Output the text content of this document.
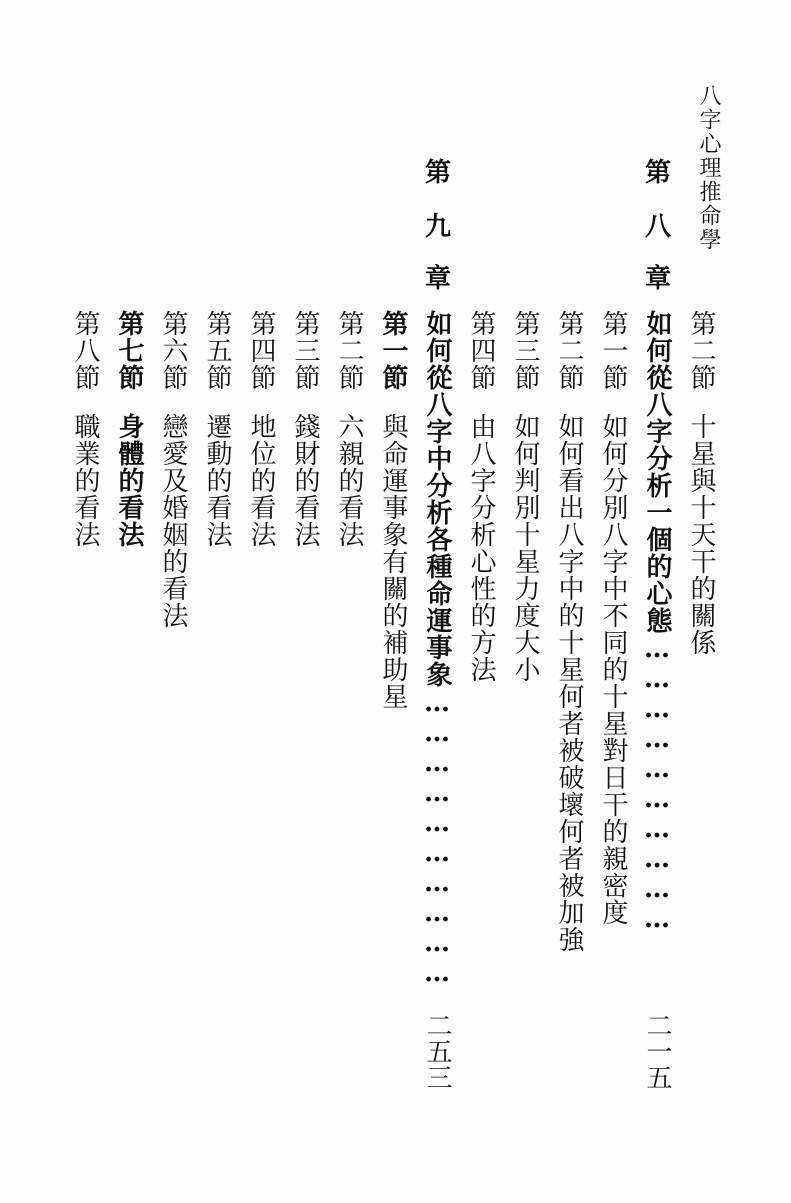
八字心理推命學
第二節十星與十天干的關係
第
八
章
如何從八字分析一個的心態…………………………
二一五
第一節如何分別八字中不同的十星對日干的親密度
第二節如何看出八字中的十星何者被破壞何者被加強
第三節如何判別十星力度大小
第四節由八字分析心性的方法
第
九
章
如何從八字中分析各種命運事象…………………………
二五三
第一節與命運事象有關的補助星
第二節六親的看法
第三節錢財的看法
第四節地位的看法
第五節遷動的看法
第六節戀愛及婚姻的看法
第七節身體的看法
第八節職業的看法
